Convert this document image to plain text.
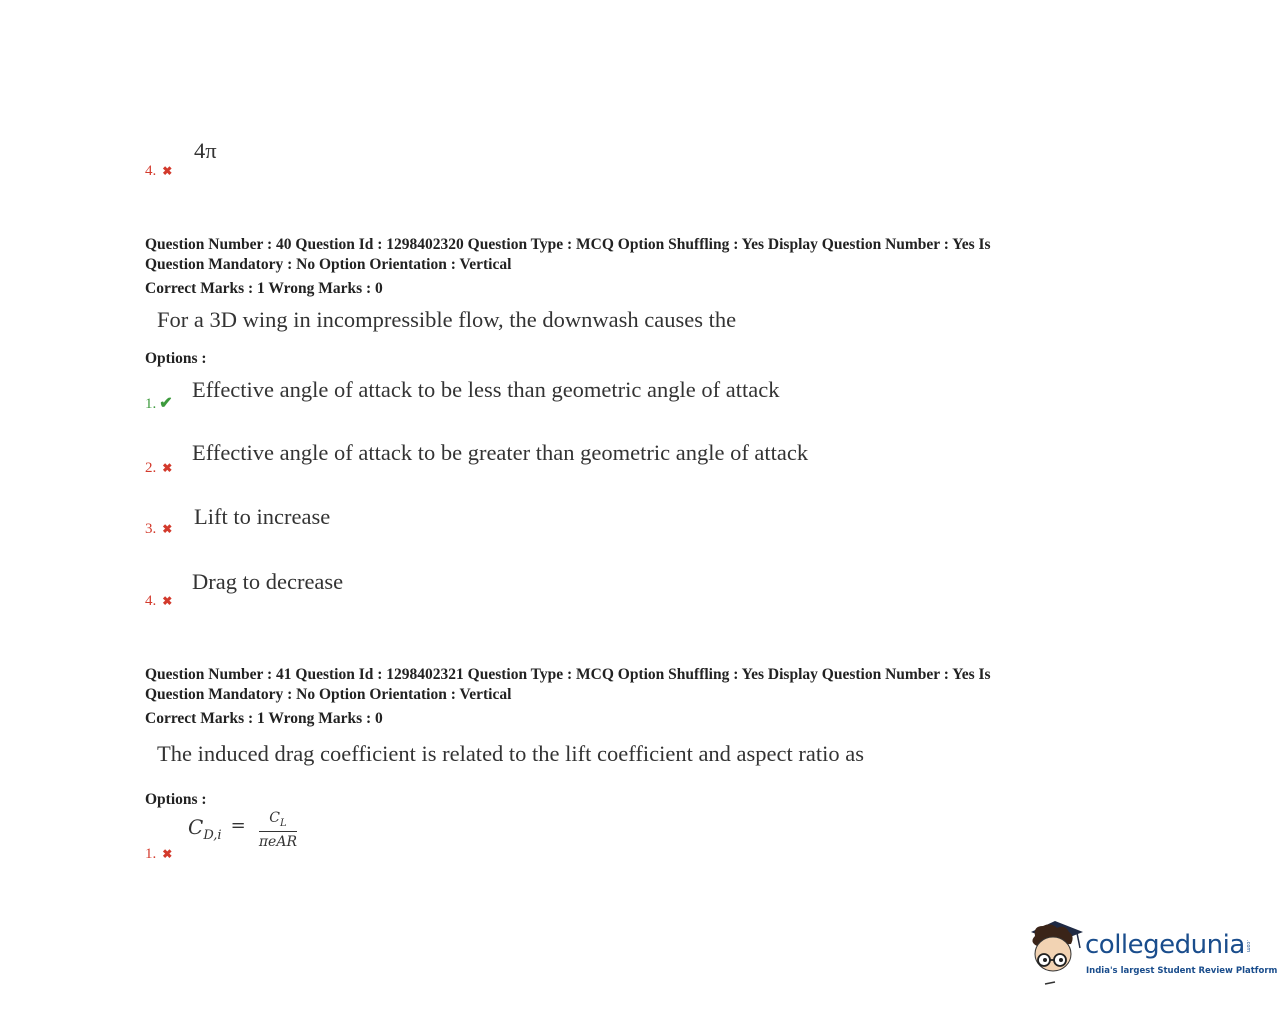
4π
4. ✖
Question Number : 40 Question Id : 1298402320 Question Type : MCQ Option Shuffling : Yes Display Question Number : Yes Is
Question Mandatory : No Option Orientation : Vertical
Correct Marks : 1 Wrong Marks : 0
For a 3D wing in incompressible flow, the downwash causes the
Options :
Effective angle of attack to be less than geometric angle of attack
1. ✔
Effective angle of attack to be greater than geometric angle of attack
2. ✖
Lift to increase
3. ✖
Drag to decrease
4. ✖
Question Number : 41 Question Id : 1298402321 Question Type : MCQ Option Shuffling : Yes Display Question Number : Yes Is
Question Mandatory : No Option Orientation : Vertical
Correct Marks : 1 Wrong Marks : 0
The induced drag coefficient is related to the lift coefficient and aspect ratio as
Options :
$C_{D,i} = \frac{C_L}{\text{πeAR}}$
1. ✖
collegedunia .com
India's largest Student Review Platform
